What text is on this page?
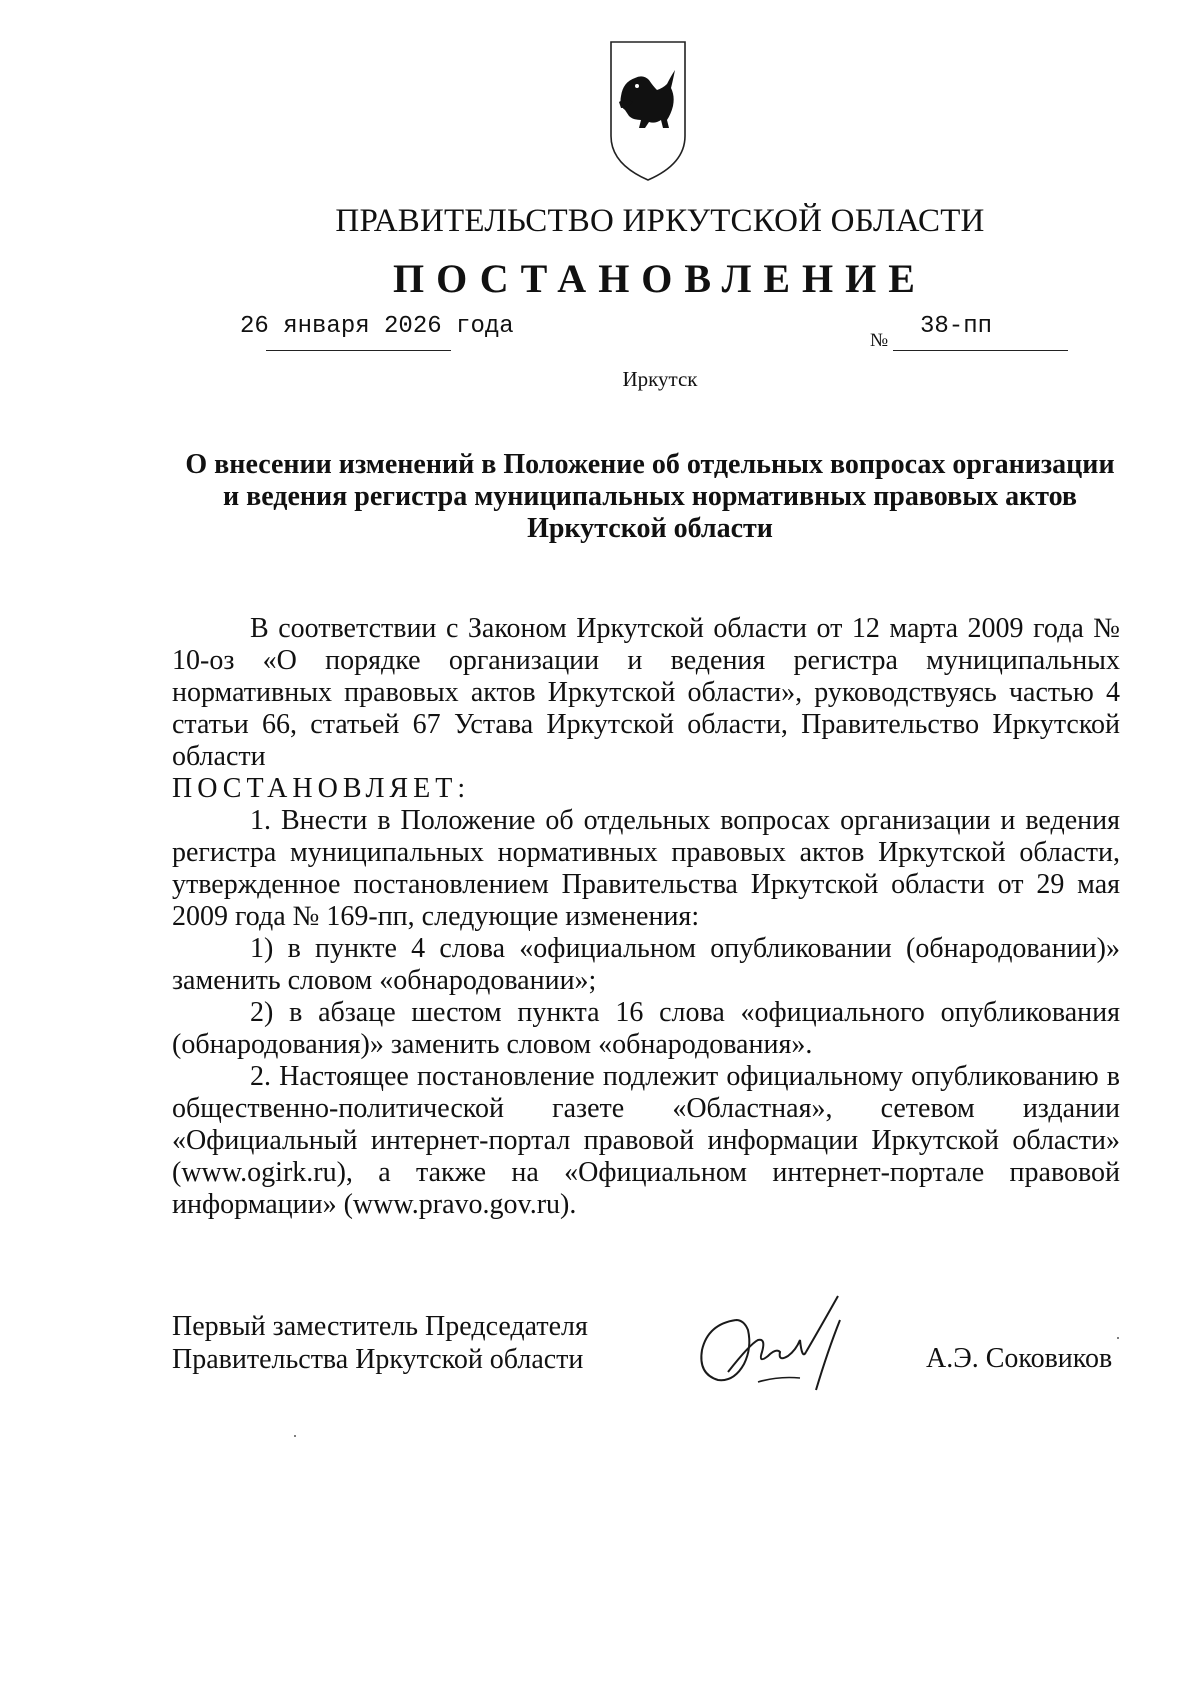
ПРАВИТЕЛЬСТВО ИРКУТСКОЙ ОБЛАСТИ
ПОСТАНОВЛЕНИЕ
26 января 2026 года
№
38-пп
Иркутск
О внесении изменений в Положение об отдельных вопросах организации
и ведения регистра муниципальных нормативных правовых актов
Иркутской области

В соответствии с Законом Иркутской области от 12 марта 2009 года № 10-оз «О порядке организации и ведения регистра муниципальных нормативных правовых актов Иркутской области», руководствуясь частью 4 статьи 66, статьей 67 Устава Иркутской области, Правительство Иркутской области

ПОСТАНОВЛЯЕТ:

1. Внести в Положение об отдельных вопросах организации и ведения регистра муниципальных нормативных правовых актов Иркутской области, утвержденное постановлением Правительства Иркутской области от 29 мая 2009 года № 169-пп, следующие изменения:

1) в пункте 4 слова «официальном опубликовании (обнародовании)» заменить словом «обнародовании»;

2) в абзаце шестом пункта 16 слова «официального опубликования (обнародования)» заменить словом «обнародования».

2. Настоящее постановление подлежит официальному опубликованию в общественно-политической газете «Областная», сетевом издании «Официальный интернет-портал правовой информации Иркутской области» (www.ogirk.ru), а также на «Официальном интернет-портале правовой информации» (www.pravo.gov.ru).

Первый заместитель Председателя
Правительства Иркутской области	А.Э. Соковиков
